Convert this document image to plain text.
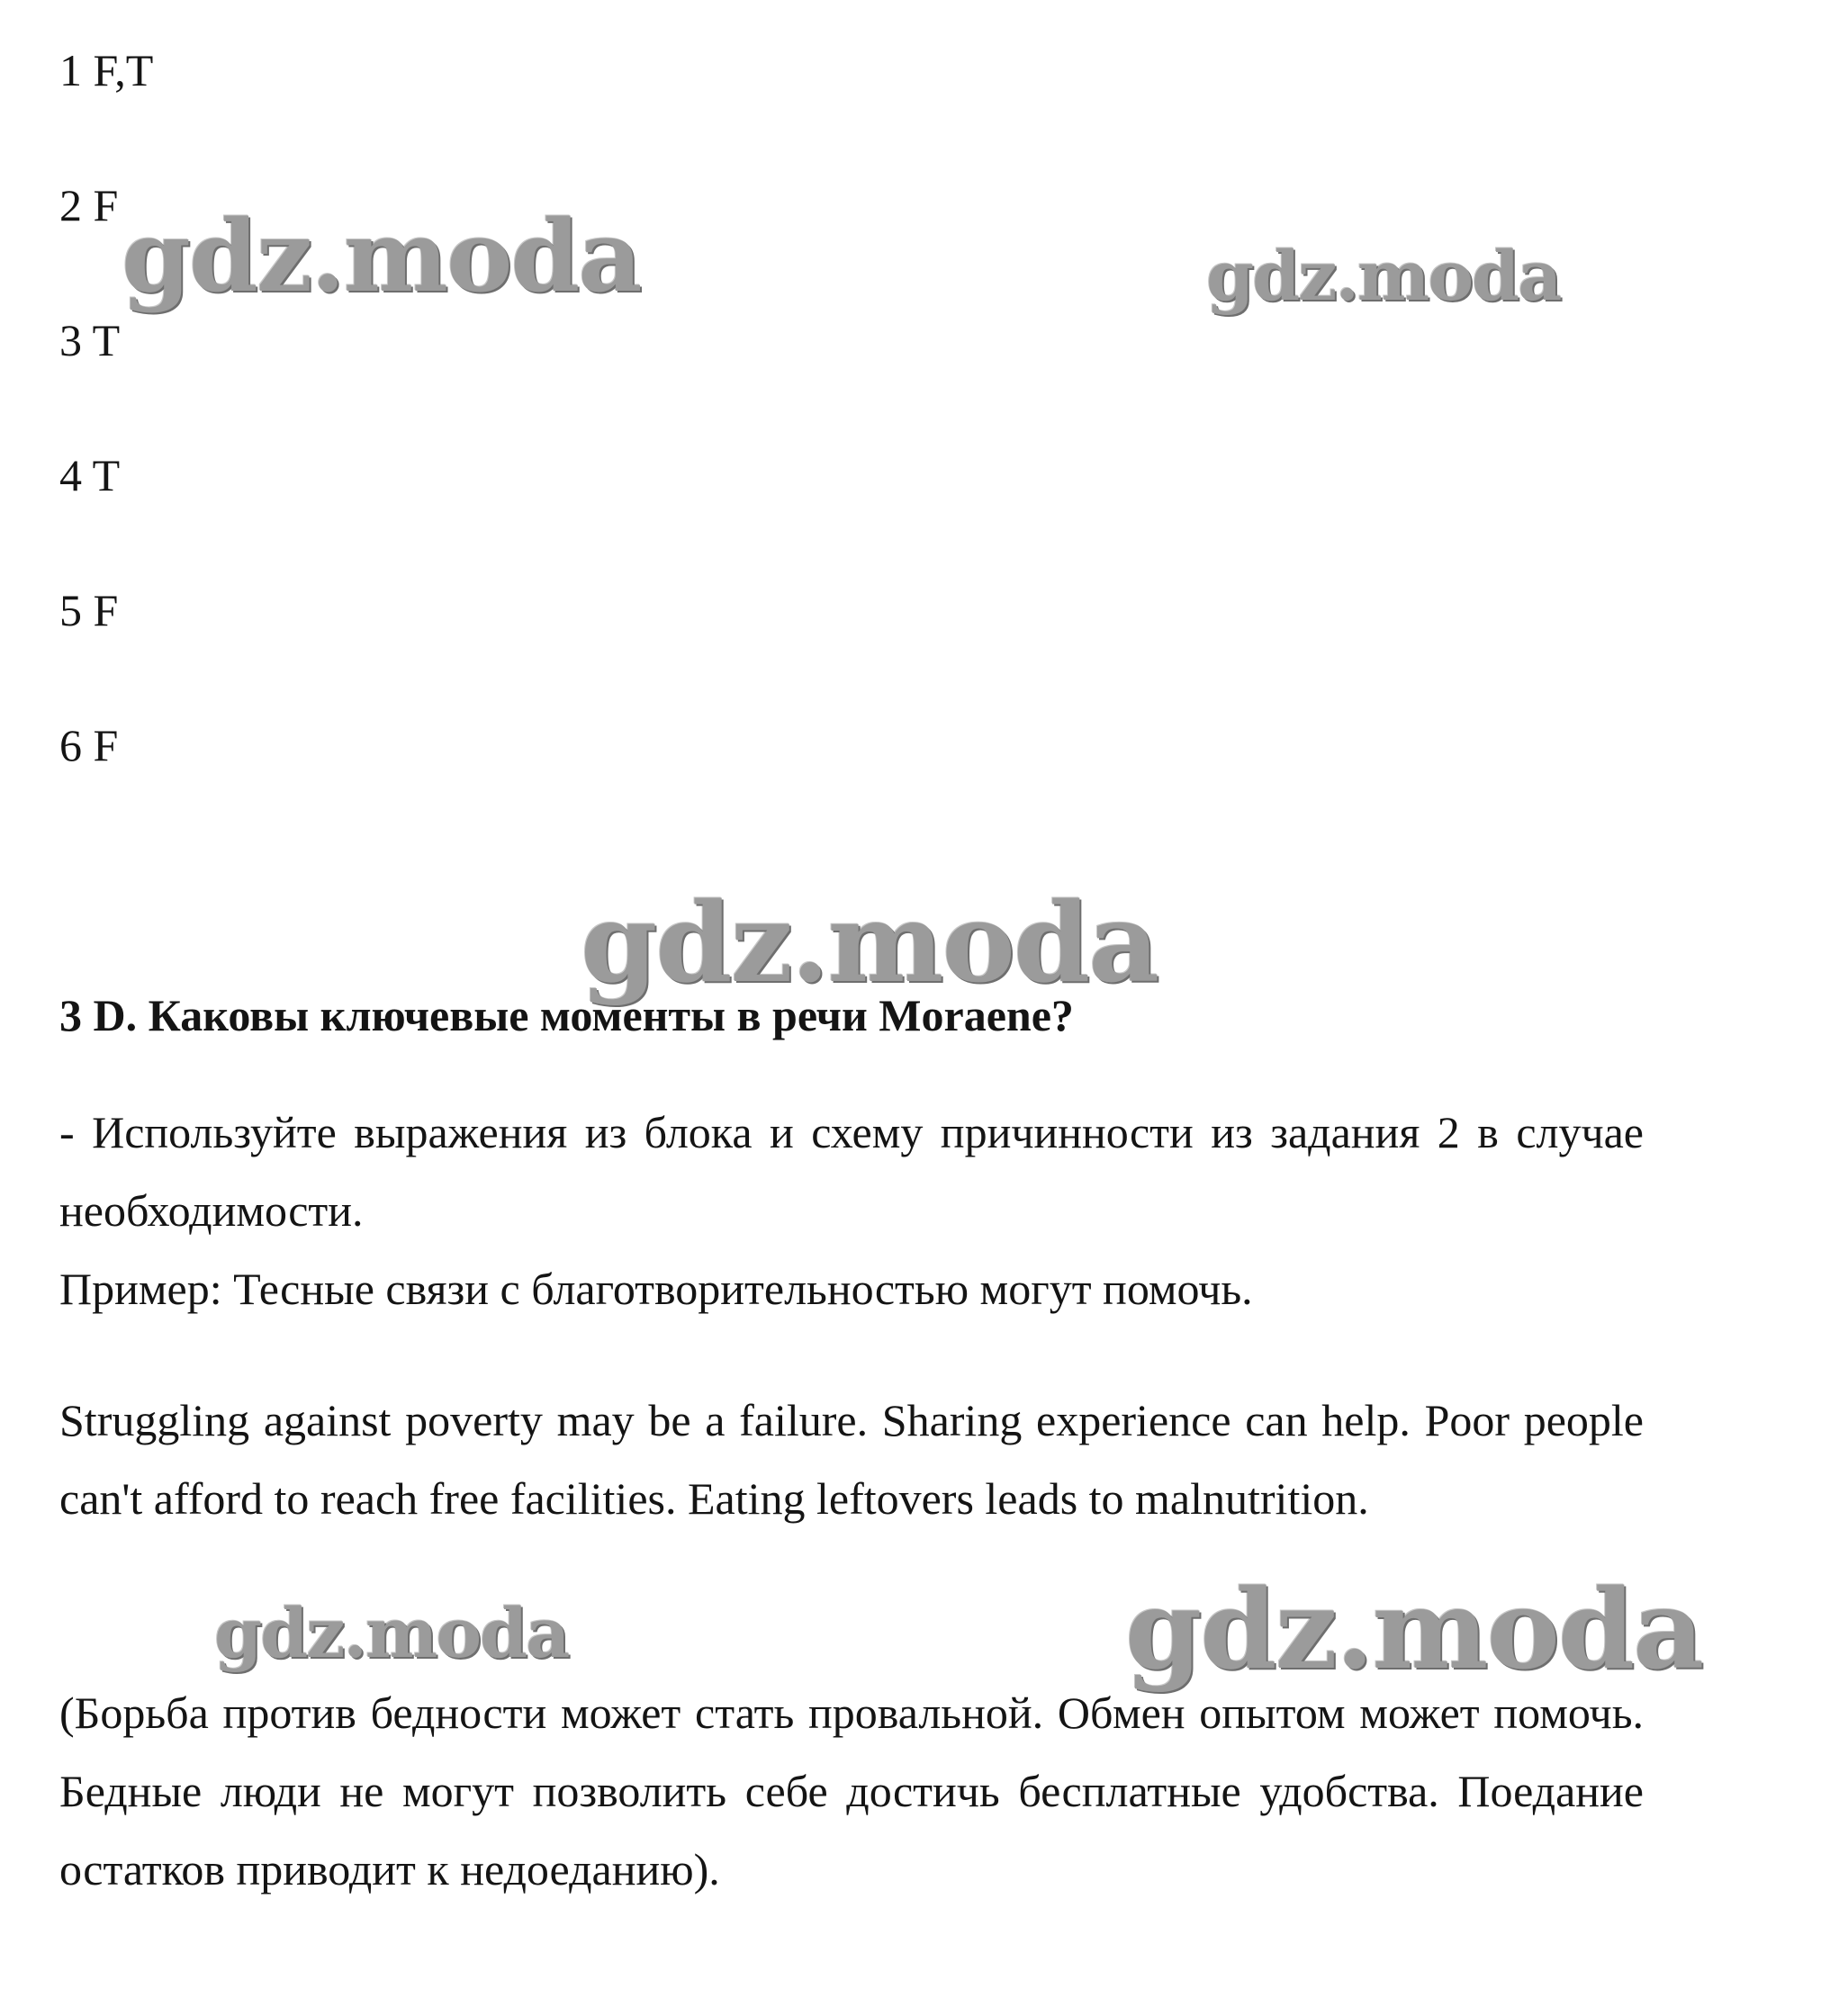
1 F,T
2 F
3 T
4 T
5 F
6 F
3 D. Каковы ключевые моменты в речи Moraene?
- Используйте выражения из блока и схему причинности из задания 2 в случае необходимости.
Пример: Тесные связи с благотворительностью могут помочь.
Struggling against poverty may be a failure. Sharing experience can help. Poor people can't afford to reach free facilities. Eating leftovers leads to malnutrition.
(Борьба против бедности может стать провальной. Обмен опытом может помочь. Бедные люди не могут позволить себе достичь бесплатные удобства. Поедание остатков приводит к недоеданию).
gdz.moda	gdz.moda
gdz.moda
gdz.moda	gdz.moda
